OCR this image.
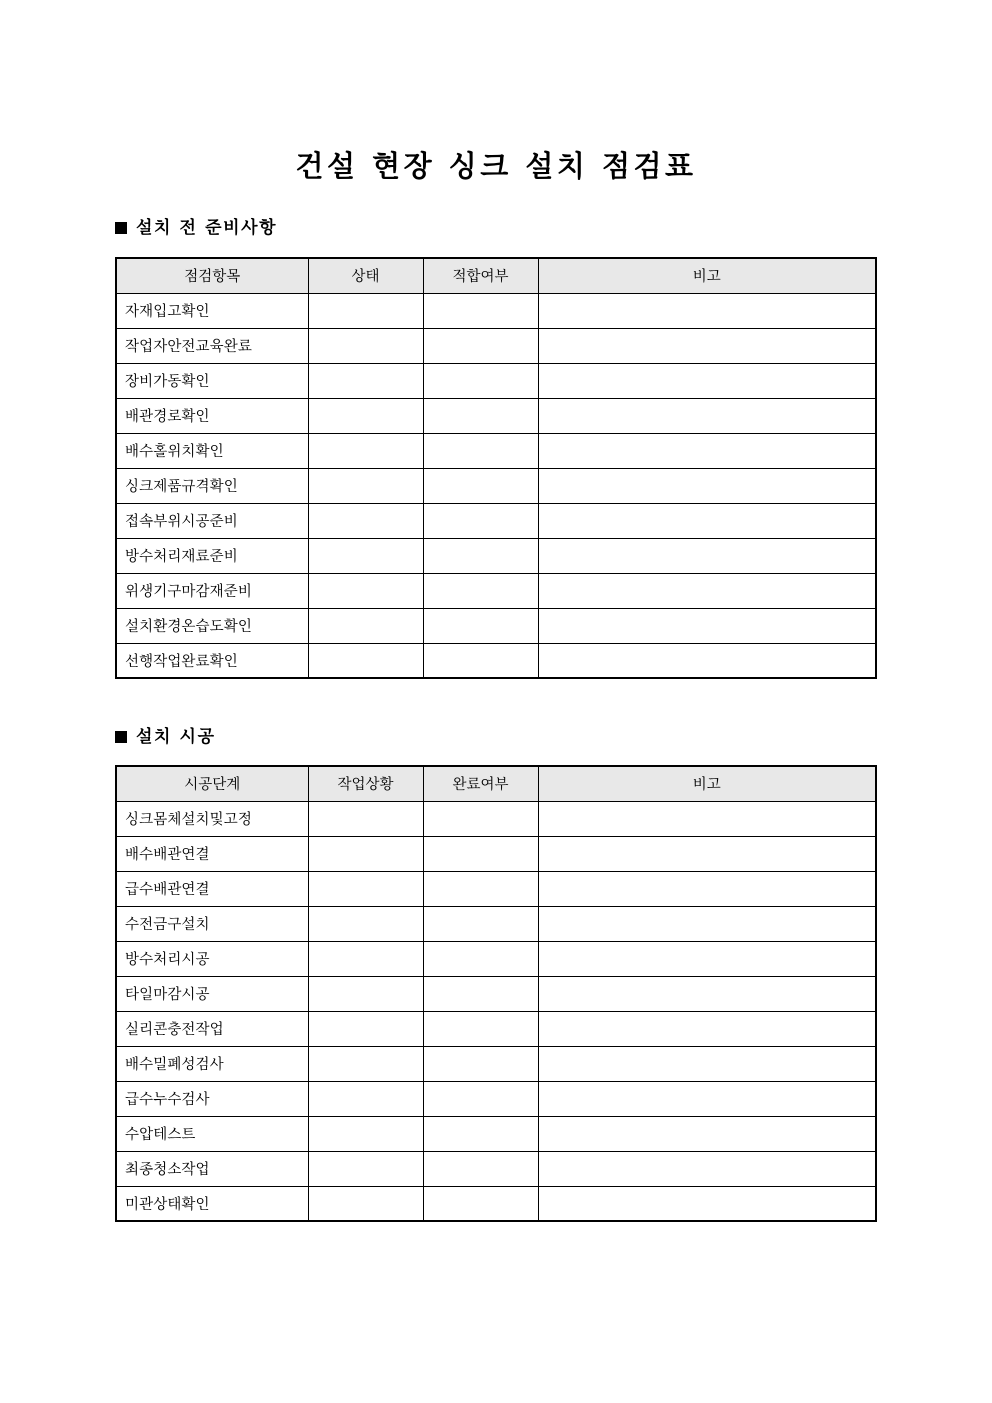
건설 현장 싱크 설치 점검표
설치 전 준비사항
점검항목	상태	적합여부	비고
자재입고확인			
작업자안전교육완료			
장비가동확인			
배관경로확인			
배수홀위치확인			
싱크제품규격확인			
접속부위시공준비			
방수처리재료준비			
위생기구마감재준비			
설치환경온습도확인			
선행작업완료확인			
설치 시공
시공단계	작업상황	완료여부	비고
싱크몸체설치및고정			
배수배관연결			
급수배관연결			
수전금구설치			
방수처리시공			
타일마감시공			
실리콘충전작업			
배수밀폐성검사			
급수누수검사			
수압테스트			
최종청소작업			
미관상태확인			
